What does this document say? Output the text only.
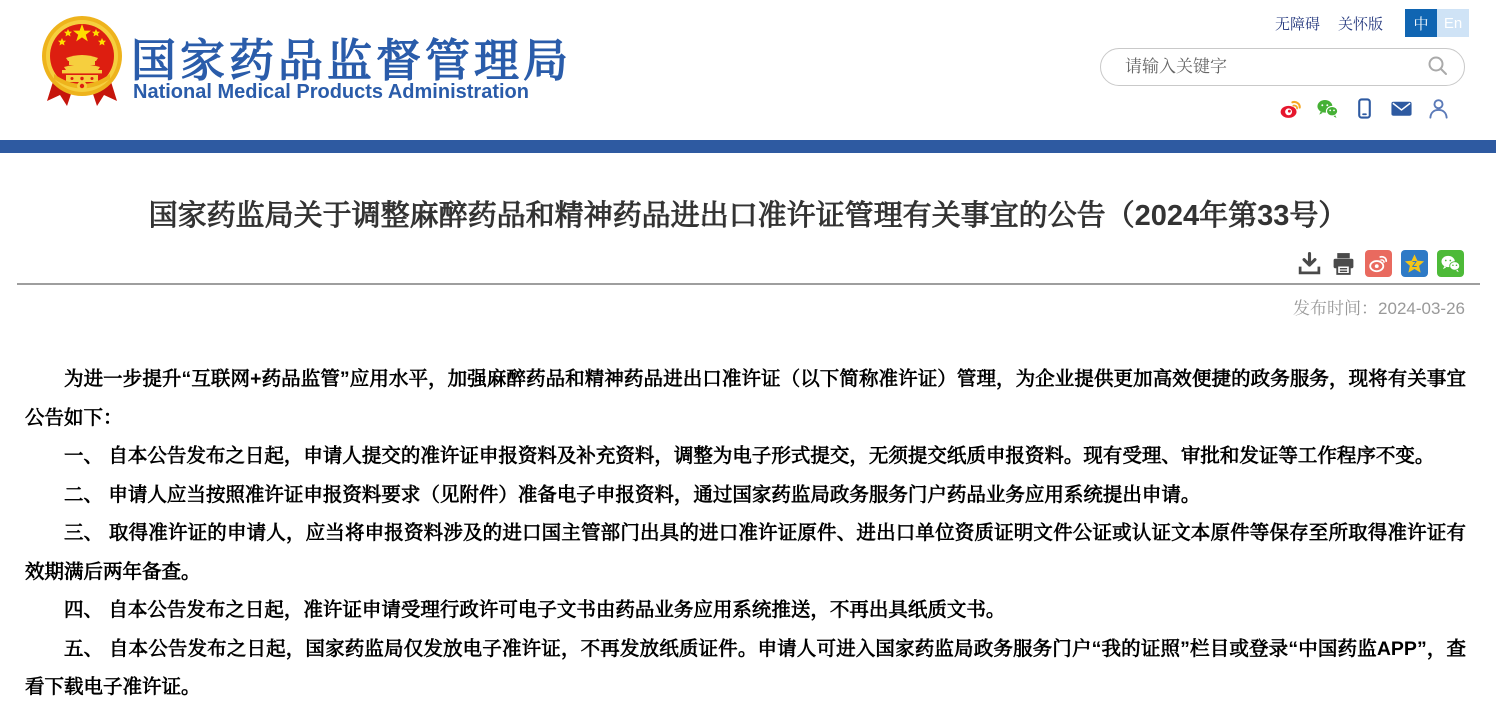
国家药品监督管理局
National Medical Products Administration
无障碍 关怀版	中	En
请输入关键字
国家药监局关于调整麻醉药品和精神药品进出口准许证管理有关事宜的公告（2024年第33号）
Z
发布时间：2024-03-26

为进一步提升“互联网+药品监管”应用水平，加强麻醉药品和精神药品进出口准许证（以下简称准许证）管理，为企业提供更加高效便捷的政务服务，现将有关事宜公告如下：

一、 自本公告发布之日起，申请人提交的准许证申报资料及补充资料，调整为电子形式提交，无须提交纸质申报资料。现有受理、审批和发证等工作程序不变。

二、 申请人应当按照准许证申报资料要求（见附件）准备电子申报资料，通过国家药监局政务服务门户药品业务应用系统提出申请。

三、 取得准许证的申请人，应当将申报资料涉及的进口国主管部门出具的进口准许证原件、进出口单位资质证明文件公证或认证文本原件等保存至所取得准许证有效期满后两年备查。

四、 自本公告发布之日起，准许证申请受理行政许可电子文书由药品业务应用系统推送，不再出具纸质文书。

五、 自本公告发布之日起，国家药监局仅发放电子准许证，不再发放纸质证件。申请人可进入国家药监局政务服务门户“我的证照”栏目或登录“中国药监APP”，查看下载电子准许证。
